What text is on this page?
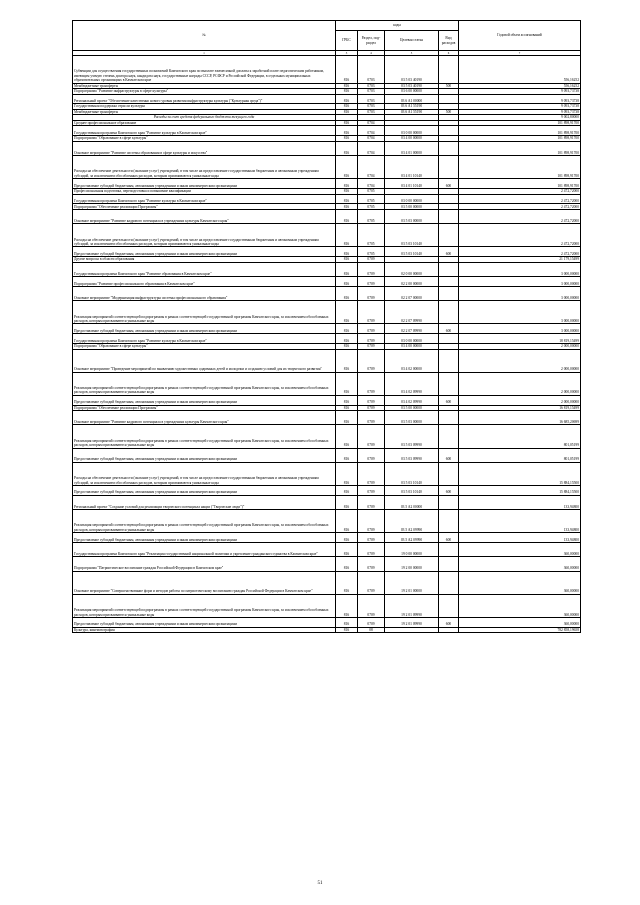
№	коды				Годовой объем ассигнований
	ГРБС	Раздел, под- раздел	Целевая статья	Вид расходов	
1	3	4	5	6	7
Субвенции для осуществления государственных полномочий Камчатского края по выплате ежемесячной доплаты к заработной плате педагогическим работникам, имеющим ученую степень доктора наук, кандидата наук, государственные награды СССР, РСФСР и Российской Федерации, в отдельных муниципальных образовательных организациях в Камчатском крае	816	0703	03 5 03 40190		556,16252
Межбюджетные трансферты	816	0703	03 5 03 40190	500	556,16252
Подпрограмма "Развитие инфраструктуры в сфере культуры"	816	0703	03 6 00 00000		9 093,73738
Региональный проект "Обеспечение качественно нового уровня развития инфраструктуры культуры ("Культурная среда")"	816	0703	03 6 A1 00000		9 093,73738
Государственная поддержка отрасли культуры	816	0703	03 6 A1 55190		9 093,73738
Межбюджетные трансферты	816	0703	03 6 A1 55190	500	9 093,73738
Расходы за счет средств федерального бюджета текущего года					9 002,80000
Среднее профессиональное образование	816	0704			101 898,91700
Государственная программа Камчатского края "Развитие культуры в Камчатском крае"	816	0704	03 0 00 00000		101 898,91700
Подпрограмма "Образование в сфере культуры"	816	0704	03 4 00 00000		101 898,91700
Основное мероприятие "Развитие системы образования в сфере культуры и искусства"	816	0704	03 4 01 00000		101 898,91700
Расходы на обеспечение деятельности (оказание услуг) учреждений, в том числе на предоставление государственным бюджетным и автономным учреждениям субсидий, за исключением обособленных расходов, которым присваиваются уникальные коды	816	0704	03 4 01 10140		101 898,91700
Предоставление субсидий бюджетным, автономным учреждениям и иным некоммерческим организациям	816	0704	03 4 01 10140	600	101 898,91700
Профессиональная подготовка, переподготовка и повышение квалификации	816	0705			2 472,72000
Государственная программа Камчатского края "Развитие культуры в Камчатском крае"	816	0705	03 0 00 00000		2 472,72000
Подпрограмма "Обеспечение реализации Программы"	816	0705	03 5 00 00000		2 472,72000
Основное мероприятие "Развитие кадрового потенциала в учреждениях культуры Камчатского края"	816	0705	03 5 03 00000		2 472,72000
Расходы на обеспечение деятельности (оказание услуг) учреждений, в том числе на предоставление государственным бюджетным и автономным учреждениям субсидий, за исключением обособленных расходов, которым присваиваются уникальные коды	816	0705	03 5 03 10140		2 472,72000
Предоставление субсидий бюджетным, автономным учреждениям и иным некоммерческим организациям	816	0705	03 5 03 10140	600	2 472,72000
Другие вопросы в области образования	816	0709			21 179,15499
Государственная программа Камчатского края "Развитие образования в Камчатском крае"	816	0709	02 0 00 00000		3 000,00000
Подпрограмма "Развитие профессионального образования в Камчатском крае"	816	0709	02 2 00 00000		3 000,00000
Основное мероприятие "Модернизация инфраструктуры системы профессионального образования"	816	0709	02 2 07 00000		3 000,00000
Реализация мероприятий соответствующей подпрограммы в рамках соответствующей государственной программы Камчатского края, за исключением обособленных расходов, которым присваиваются уникальные коды	816	0709	02 2 07 09990		3 000,00000
Предоставление субсидий бюджетным, автономным учреждениям и иным некоммерческим организациям	816	0709	02 2 07 09990	600	3 000,00000
Государственная программа Камчатского края "Развитие культуры в Камчатском крае"	816	0709	03 0 00 00000		18 819,15499
Подпрограмма "Образование в сфере культуры"	816	0709	03 4 00 00000		2 000,00000
Основное мероприятие "Проведение мероприятий по выявлению художественно одаренных детей и молодежи и созданию условий для их творческого развития"	816	0709	03 4 02 00000		2 000,00000
Реализация мероприятий соответствующей подпрограммы в рамках соответствующей государственной программы Камчатского края, за исключением обособленных расходов, которым присваиваются уникальные коды	816	0709	03 4 02 09990		2 000,00000
Предоставление субсидий бюджетным, автономным учреждениям и иным некоммерческим организациям	816	0709	03 4 02 09990	600	2 000,00000
Подпрограмма "Обеспечение реализации Программы"	816	0709	03 5 00 00000		16 819,15499
Основное мероприятие "Развитие кадрового потенциала в учреждениях культуры Камчатского края"	816	0709	03 5 03 00000		16 685,20699
Реализация мероприятий соответствующей подпрограммы в рамках соответствующей государственной программы Камчатского края, за исключением обособленных расходов, которым присваиваются уникальные коды	816	0709	03 5 03 09990		801,05199
Предоставление субсидий бюджетным, автономным учреждениям и иным некоммерческим организациям	816	0709	03 5 03 09990	600	801,05199
Расходы на обеспечение деятельности (оказание услуг) учреждений, в том числе на предоставление государственным бюджетным и автономным учреждениям субсидий, за исключением обособленных расходов, которым присваиваются уникальные коды	816	0709	03 5 03 10140		15 884,15500
Предоставление субсидий бюджетным, автономным учреждениям и иным некоммерческим организациям	816	0709	03 5 03 10140	600	15 884,15500
Региональный проект "Создание условий для реализации творческого потенциала нации ("Творческие люди")"	816	0709	03 5 A2 00000		133,94800
Реализация мероприятий соответствующей подпрограммы в рамках соответствующей государственной программы Камчатского края, за исключением обособленных расходов, которым присваиваются уникальные коды	816	0709	03 5 A2 09990		133,94800
Предоставление субсидий бюджетным, автономным учреждениям и иным некоммерческим организациям	816	0709	03 5 A2 09990	600	133,94800
Государственная программа Камчатского края "Реализация государственной национальной политики и укрепление гражданского единства в Камчатском крае"	816	0709	19 0 00 00000		360,00000
Подпрограмма "Патриотическое воспитание граждан Российской Федерации в Камчатском крае"	816	0709	19 2 00 00000		360,00000
Основное мероприятие "Совершенствование форм и методов работы по патриотическому воспитанию граждан Российской Федерации в Камчатском крае"	816	0709	19 2 01 00000		360,00000
Реализация мероприятий соответствующей подпрограммы в рамках соответствующей государственной программы Камчатского края, за исключением обособленных расходов, которым присваиваются уникальные коды	816	0709	19 2 01 09990		360,00000
Предоставление субсидий бюджетным, автономным учреждениям и иным некоммерческим организациям	816	0709	19 2 01 09990	600	360,00000
Культура, кинематография	816	08			782 858,19658
51
